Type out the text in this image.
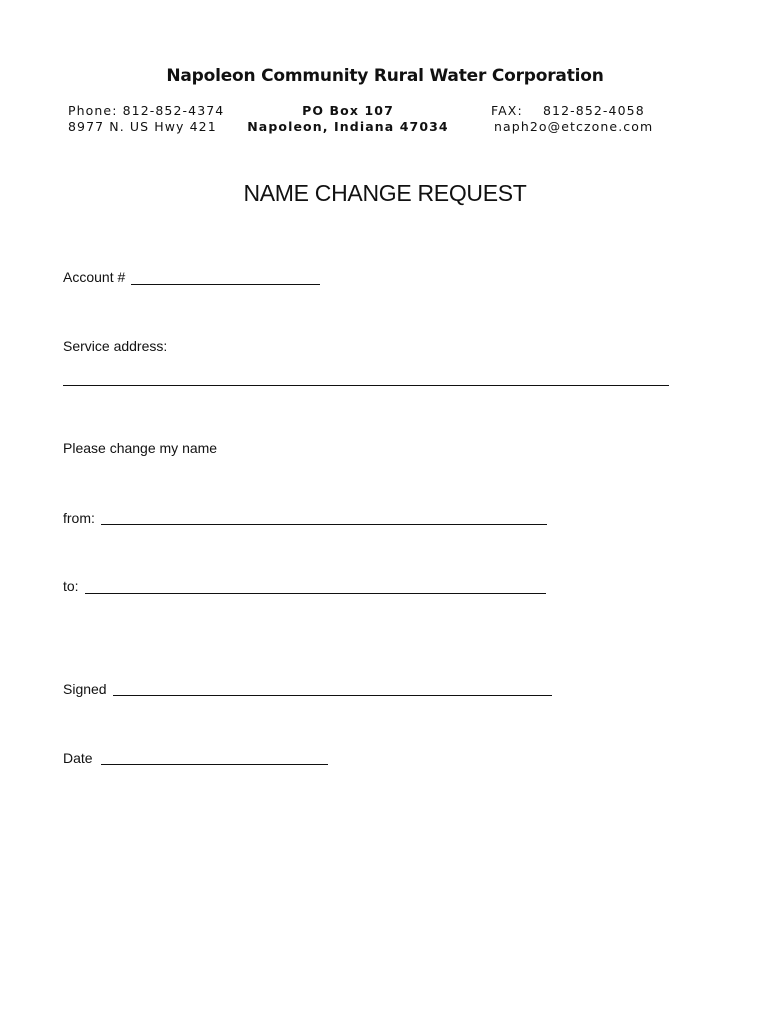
Napoleon Community Rural Water Corporation
Phone: 812-852-4374
8977 N. US Hwy 421
PO Box 107
Napoleon, Indiana 47034
FAX: 812-852-4058
naph2o@etczone.com
NAME CHANGE REQUEST
Account #
Service address:
Please change my name
from:
to:
Signed
Date
